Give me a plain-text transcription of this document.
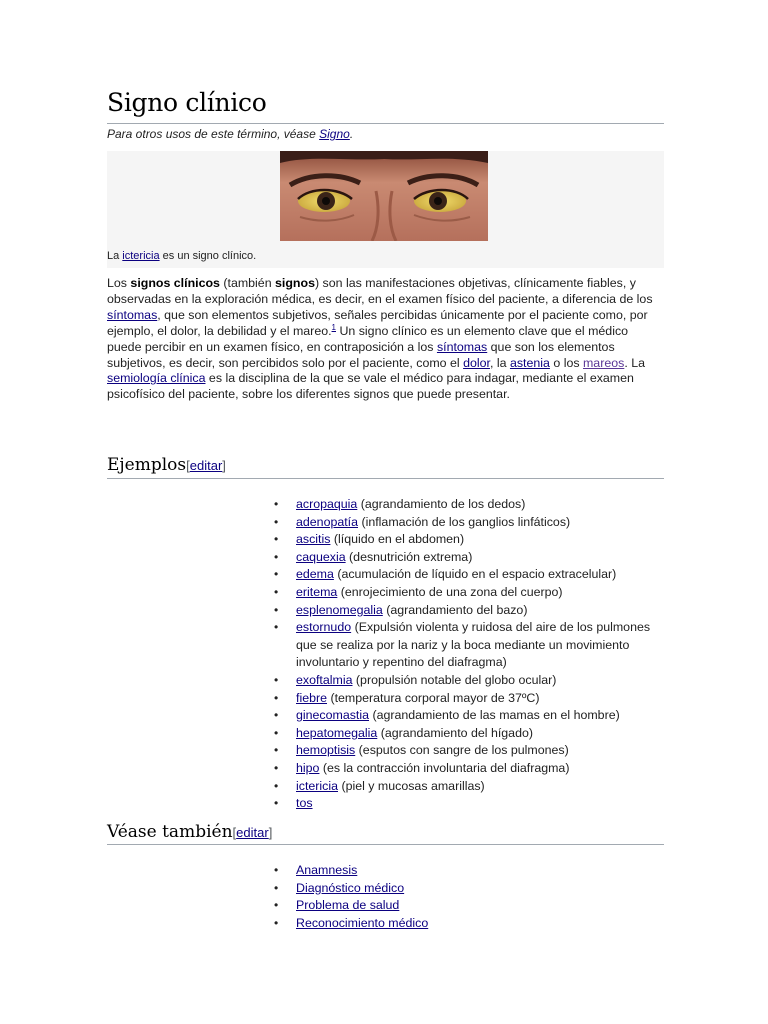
Signo clínico
Para otros usos de este término, véase Signo.
La ictericia es un signo clínico.

Los signos clínicos (también signos) son las manifestaciones objetivas, clínicamente fiables, y observadas en la exploración médica, es decir, en el examen físico del paciente, a diferencia de los síntomas, que son elementos subjetivos, señales percibidas únicamente por el paciente como, por ejemplo, el dolor, la debilidad y el mareo.$^1$ Un signo clínico es un elemento clave que el médico puede percibir en un examen físico, en contraposición a los síntomas que son los elementos subjetivos, es decir, son percibidos solo por el paciente, como el dolor, la astenia o los mareos. La semiología clínica es la disciplina de la que se vale el médico para indagar, mediante el examen psicofísico del paciente, sobre los diferentes signos que puede presentar.

Ejemplos[editar]
• acropaquia (agrandamiento de los dedos)
• adenopatía (inflamación de los ganglios linfáticos)
• ascitis (líquido en el abdomen)
• caquexia (desnutrición extrema)
• edema (acumulación de líquido en el espacio extracelular)
• eritema (enrojecimiento de una zona del cuerpo)
• esplenomegalia (agrandamiento del bazo)
• estornudo (Expulsión violenta y ruidosa del aire de los pulmones que se realiza por la nariz y la boca mediante un movimiento involuntario y repentino del diafragma)
• exoftalmia (propulsión notable del globo ocular)
• fiebre (temperatura corporal mayor de 37ºC)
• ginecomastia (agrandamiento de las mamas en el hombre)
• hepatomegalia (agrandamiento del hígado)
• hemoptisis (esputos con sangre de los pulmones)
• hipo (es la contracción involuntaria del diafragma)
• ictericia (piel y mucosas amarillas)
• tos
Véase también[editar]
• Anamnesis
• Diagnóstico médico
• Problema de salud
• Reconocimiento médico
